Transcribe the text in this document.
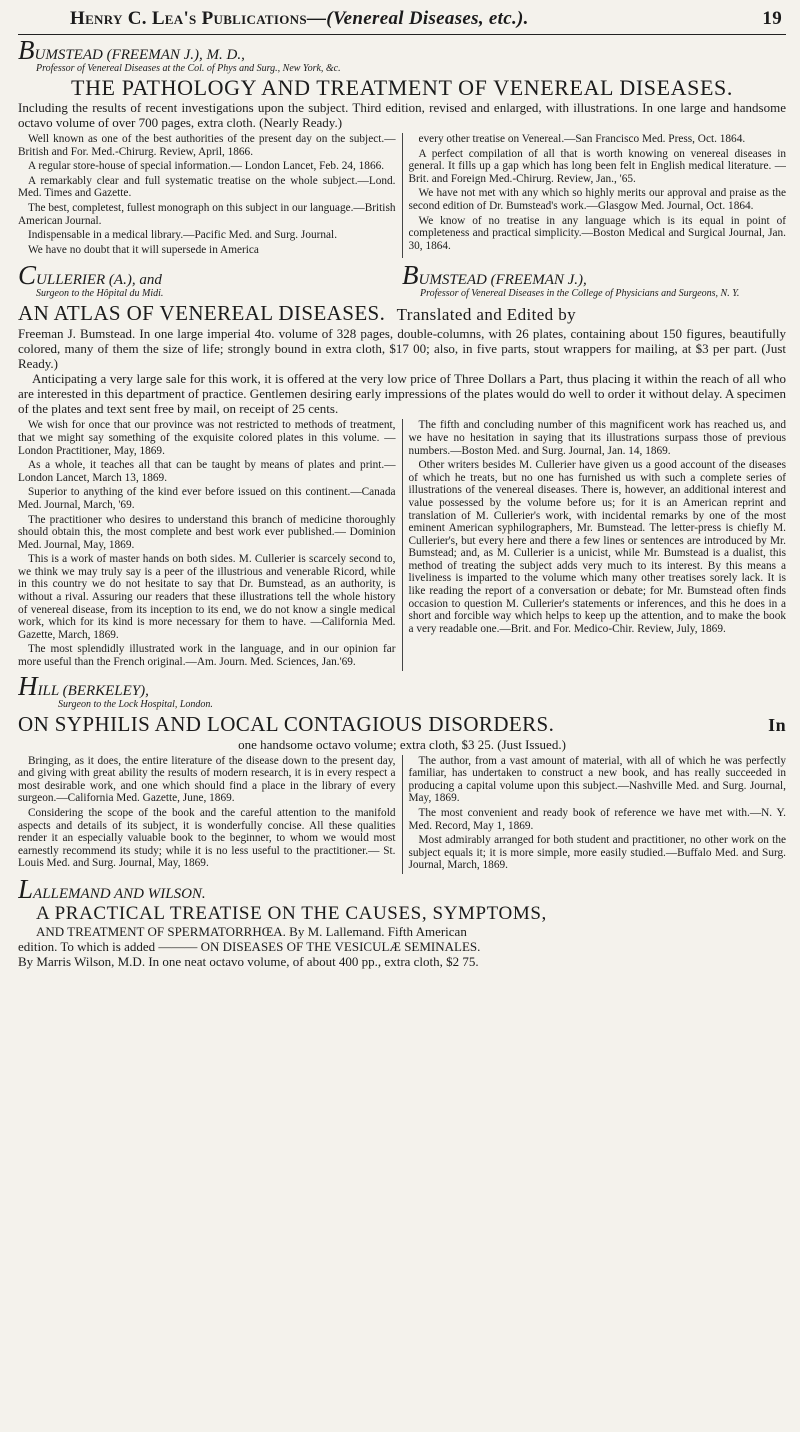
Henry C. Lea's Publications—(Venereal Diseases, etc.).	19
BUMSTEAD (FREEMAN J.), M. D.,
Professor of Venereal Diseases at the Col. of Phys and Surg., New York, &c.
THE PATHOLOGY AND TREATMENT OF VENEREAL DISEASES.
Including the results of recent investigations upon the subject. Third edition, revised and enlarged, with illustrations. In one large and handsome octavo volume of over 700 pages, extra cloth. (Nearly Ready.)

Well known as one of the best authorities of the present day on the subject.—British and For. Med.-Chirurg. Review, April, 1866.

A regular store-house of special information.— London Lancet, Feb. 24, 1866.

A remarkably clear and full systematic treatise on the whole subject.—Lond. Med. Times and Gazette.

The best, completest, fullest monograph on this subject in our language.—British American Journal.

Indispensable in a medical library.—Pacific Med. and Surg. Journal.

We have no doubt that it will supersede in America

every other treatise on Venereal.—San Francisco Med. Press, Oct. 1864.

A perfect compilation of all that is worth knowing on venereal diseases in general. It fills up a gap which has long been felt in English medical literature. —Brit. and Foreign Med.-Chirurg. Review, Jan., '65.

We have not met with any which so highly merits our approval and praise as the second edition of Dr. Bumstead's work.—Glasgow Med. Journal, Oct. 1864.

We know of no treatise in any language which is its equal in point of completeness and practical simplicity.—Boston Medical and Surgical Journal, Jan. 30, 1864.

CULLERIER (A.), and
Surgeon to the Hôpital du Midi.
BUMSTEAD (FREEMAN J.),
Professor of Venereal Diseases in the College of Physicians and Surgeons, N. Y.
AN ATLAS OF VENEREAL DISEASES.
Translated and Edited by
Freeman J. Bumstead. In one large imperial 4to. volume of 328 pages, double-columns, with 26 plates, containing about 150 figures, beautifully colored, many of them the size of life; strongly bound in extra cloth, $17 00; also, in five parts, stout wrappers for mailing, at $3 per part. (Just Ready.)
Anticipating a very large sale for this work, it is offered at the very low price of Three Dollars a Part, thus placing it within the reach of all who are interested in this department of practice. Gentlemen desiring early impressions of the plates would do well to order it without delay. A specimen of the plates and text sent free by mail, on receipt of 25 cents.

We wish for once that our province was not restricted to methods of treatment, that we might say something of the exquisite colored plates in this volume. —London Practitioner, May, 1869.

As a whole, it teaches all that can be taught by means of plates and print.—London Lancet, March 13, 1869.

Superior to anything of the kind ever before issued on this continent.—Canada Med. Journal, March, '69.

The practitioner who desires to understand this branch of medicine thoroughly should obtain this, the most complete and best work ever published.— Dominion Med. Journal, May, 1869.

This is a work of master hands on both sides. M. Cullerier is scarcely second to, we think we may truly say is a peer of the illustrious and venerable Ricord, while in this country we do not hesitate to say that Dr. Bumstead, as an authority, is without a rival. Assuring our readers that these illustrations tell the whole history of venereal disease, from its inception to its end, we do not know a single medical work, which for its kind is more necessary for them to have. —California Med. Gazette, March, 1869.

The most splendidly illustrated work in the language, and in our opinion far more useful than the French original.—Am. Journ. Med. Sciences, Jan.'69.

The fifth and concluding number of this magnificent work has reached us, and we have no hesitation in saying that its illustrations surpass those of previous numbers.—Boston Med. and Surg. Journal, Jan. 14, 1869.

Other writers besides M. Cullerier have given us a good account of the diseases of which he treats, but no one has furnished us with such a complete series of illustrations of the venereal diseases. There is, however, an additional interest and value possessed by the volume before us; for it is an American reprint and translation of M. Cullerier's work, with incidental remarks by one of the most eminent American syphilographers, Mr. Bumstead. The letter-press is chiefly M. Cullerier's, but every here and there a few lines or sentences are introduced by Mr. Bumstead; and, as M. Cullerier is a unicist, while Mr. Bumstead is a dualist, this method of treating the subject adds very much to its interest. By this means a liveliness is imparted to the volume which many other treatises sorely lack. It is like reading the report of a conversation or debate; for Mr. Bumstead often finds occasion to question M. Cullerier's statements or inferences, and this he does in a short and forcible way which helps to keep up the attention, and to make the book a very readable one.—Brit. and For. Medico-Chir. Review, July, 1869.

HILL (BERKELEY),
Surgeon to the Lock Hospital, London.
ON SYPHILIS AND LOCAL CONTAGIOUS DISORDERS.	In
one handsome octavo volume; extra cloth, $3 25. (Just Issued.)

Bringing, as it does, the entire literature of the disease down to the present day, and giving with great ability the results of modern research, it is in every respect a most desirable work, and one which should find a place in the library of every surgeon.—California Med. Gazette, June, 1869.

Considering the scope of the book and the careful attention to the manifold aspects and details of its subject, it is wonderfully concise. All these qualities render it an especially valuable book to the beginner, to whom we would most earnestly recommend its study; while it is no less useful to the practitioner.— St. Louis Med. and Surg. Journal, May, 1869.

The author, from a vast amount of material, with all of which he was perfectly familiar, has undertaken to construct a new book, and has really succeeded in producing a capital volume upon this subject.—Nashville Med. and Surg. Journal, May, 1869.

The most convenient and ready book of reference we have met with.—N. Y. Med. Record, May 1, 1869.

Most admirably arranged for both student and practitioner, no other work on the subject equals it; it is more simple, more easily studied.—Buffalo Med. and Surg. Journal, March, 1869.

LALLEMAND AND WILSON.
A PRACTICAL TREATISE ON THE CAUSES, SYMPTOMS,
AND TREATMENT OF SPERMATORRHŒA. By M. Lallemand. Fifth American
edition. To which is added ——— ON DISEASES OF THE VESICULÆ SEMINALES.
By Marris Wilson, M.D. In one neat octavo volume, of about 400 pp., extra cloth, $2 75.
